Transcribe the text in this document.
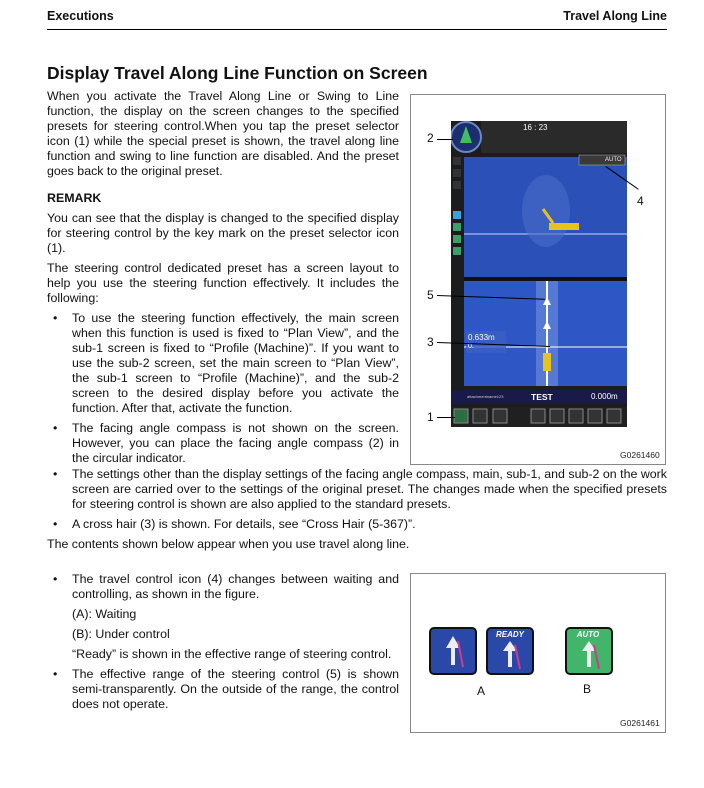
Executions	Travel Along Line
Display Travel Along Line Function on Screen

When you activate the Travel Along Line or Swing to Line function, the display on the screen changes to the specified presets for steering control.When you tap the preset selector icon (1) while the special preset is shown, the travel along line function and swing to line function are disabled. And the preset goes back to the original preset.

REMARK

You can see that the display is changed to the specified display for steering control by the key mark on the preset selector icon (1).

The steering control dedicated preset has a screen layout to help you use the steering function effectively. It includes the following:

• To use the steering function effectively, the main screen when this function is used is fixed to “Plan View”, and the sub-1 screen is fixed to “Profile (Machine)”. If you want to use the sub-2 screen, set the main screen to “Plan View”, the sub-1 screen to “Profile (Machine)”, and the sub-2 screen to the desired display before you activate the function. After that, activate the function.
• The facing angle compass is not shown on the screen. However, you can place the facing angle compass (2) in the circular indicator.
• The settings other than the display settings of the facing angle compass, main, sub-1, and sub-2 on the work screen are carried over to the settings of the original preset. The changes made when the specified presets for steering control is shown are also applied to the standard presets.
• A cross hair (3) is shown. For details, see “Cross Hair (5-367)”.

The contents shown below appear when you use travel along line.

• The travel control icon (4) changes between waiting and controlling, as shown in the figure.
(A): Waiting
(B): Under control
“Ready” is shown in the effective range of steering control.
• The effective range of the steering control (5) is shown semi-transparently. On the outside of the range, the control does not operate.
16 : 23
AUTO
0.633m
0.
attachmentname123	TEST	0.000m
2
4
5
3
1
G0261460
READY	AUTO
A	B
G0261461
